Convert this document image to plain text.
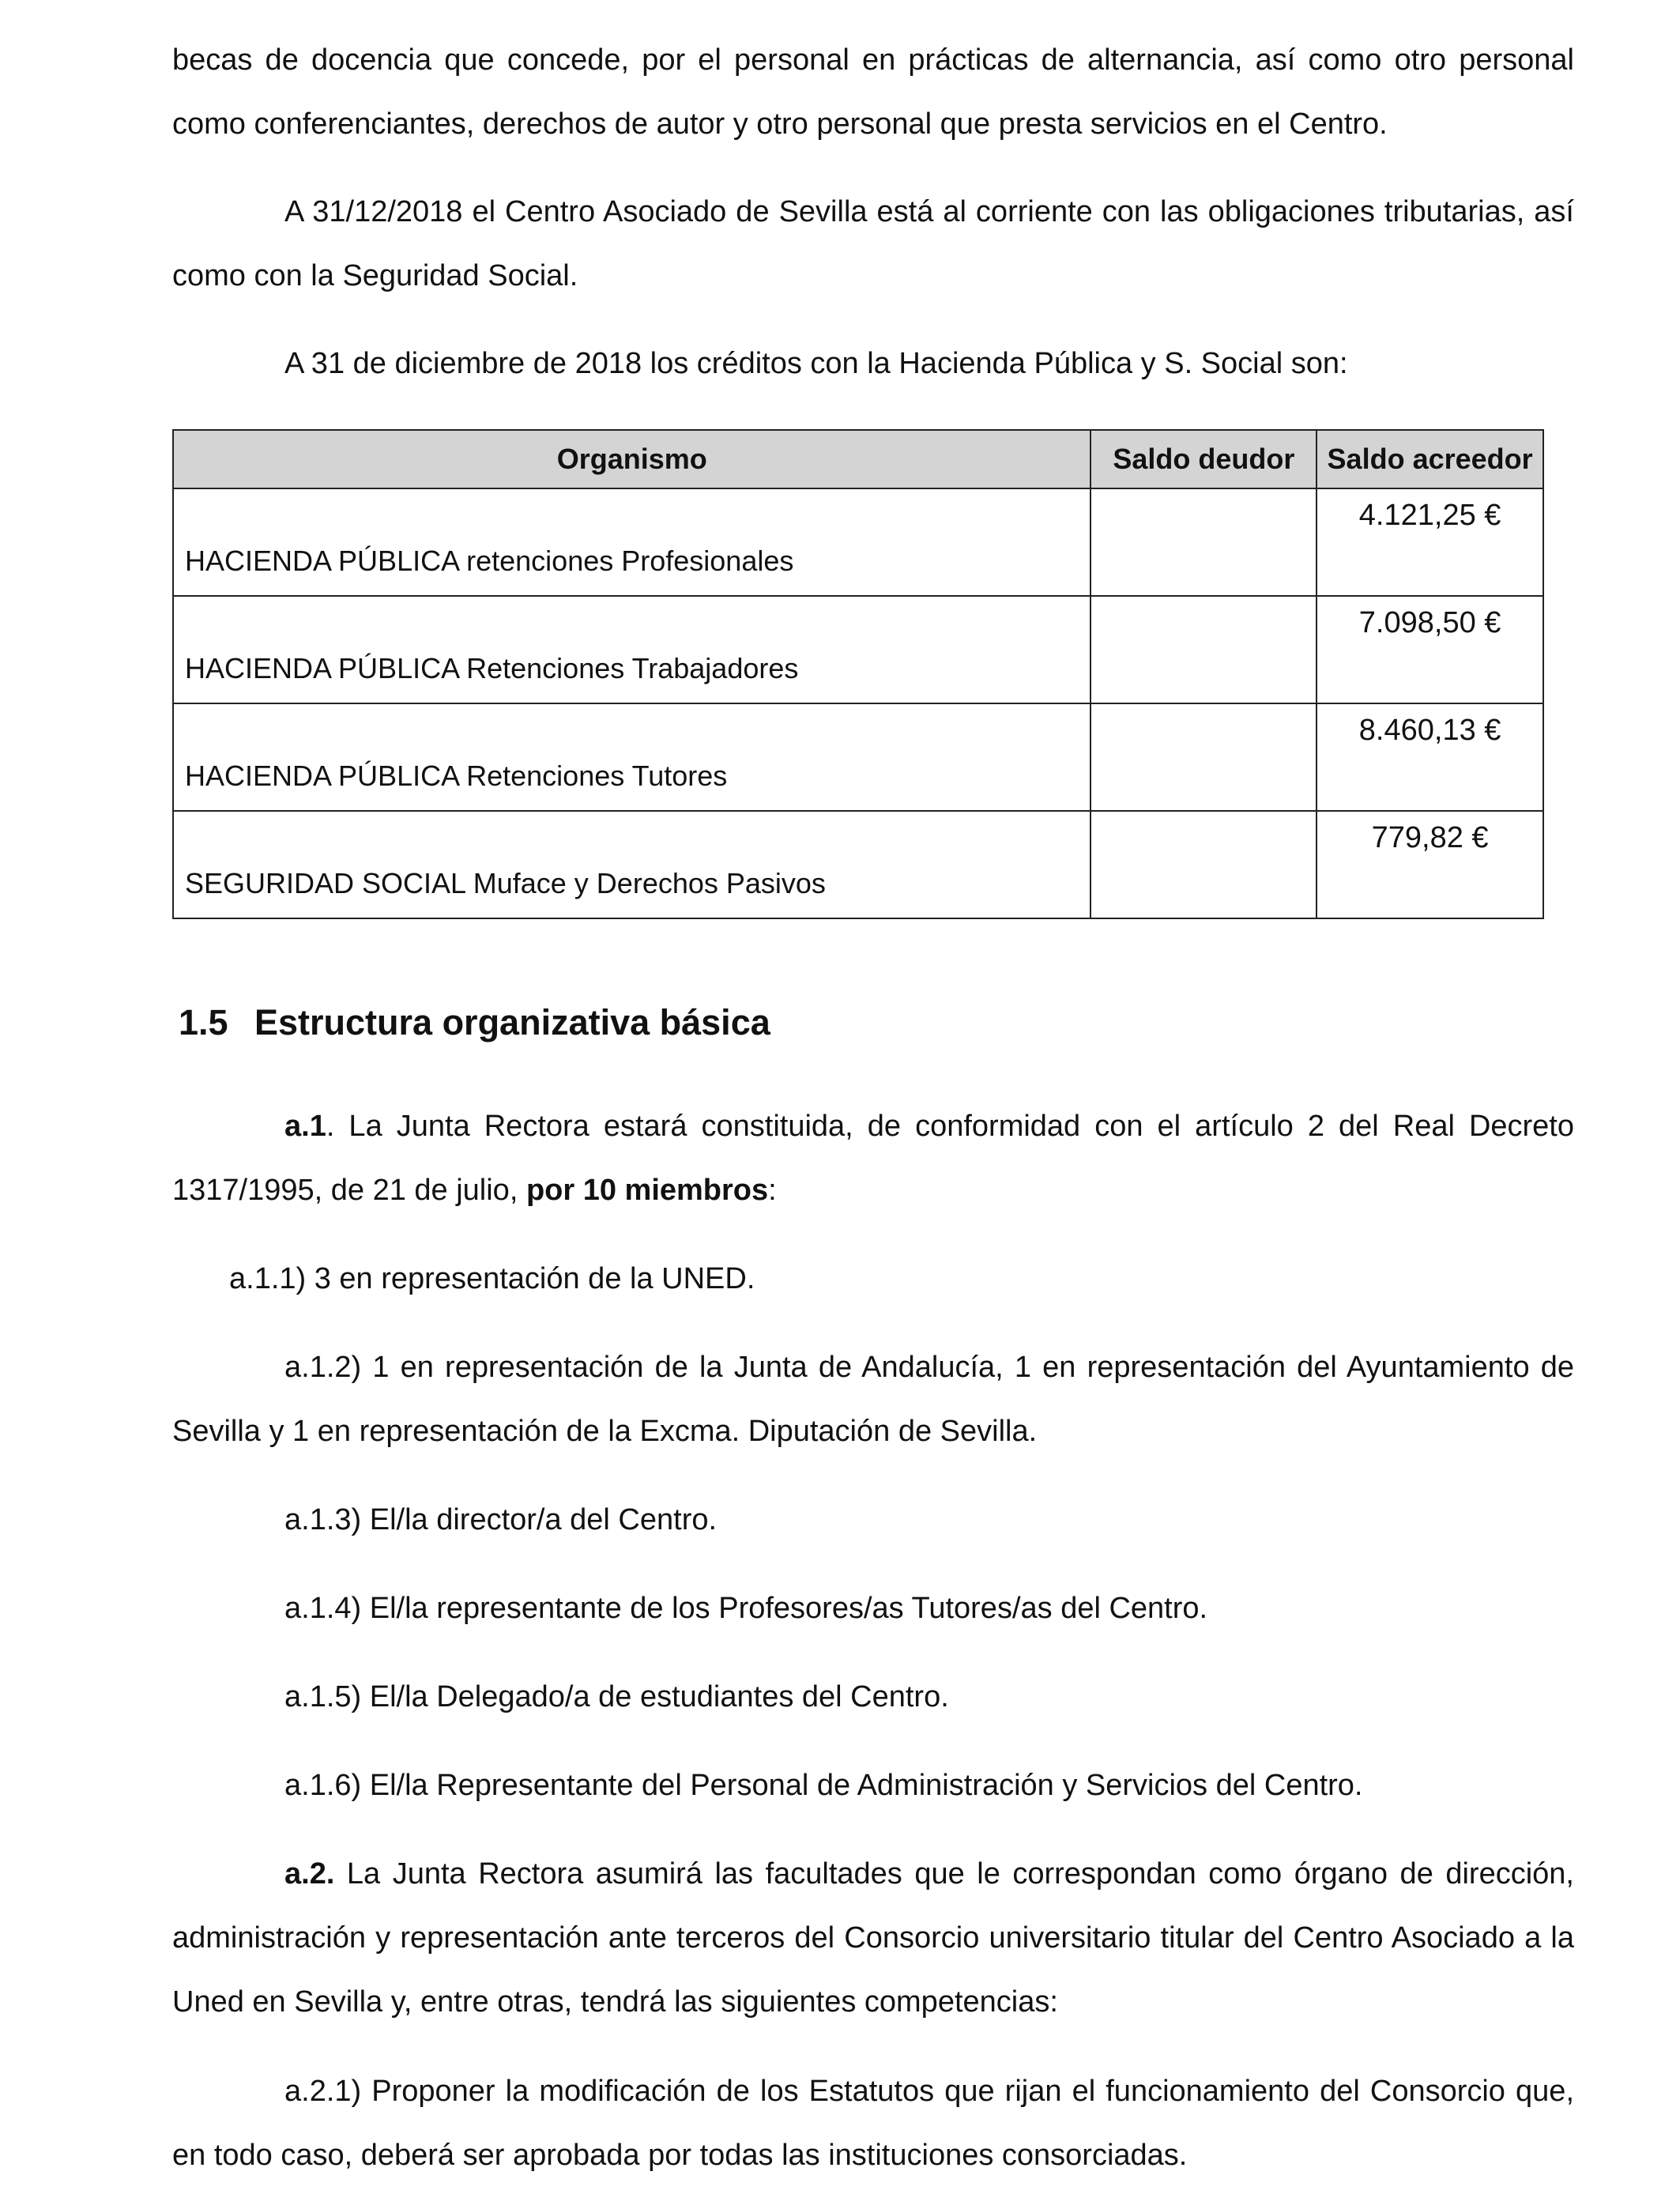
becas de docencia que concede, por el personal en prácticas de alternancia, así como otro personal como conferenciantes, derechos de autor y otro personal que presta servicios en el Centro.

A 31/12/2018 el Centro Asociado de Sevilla está al corriente con las obligaciones tributarias, así como con la Seguridad Social.

A 31 de diciembre de 2018 los créditos con la Hacienda Pública y S. Social son:

Organismo	Saldo deudor	Saldo acreedor
HACIENDA PÚBLICA retenciones Profesionales		4.121,25 €
HACIENDA PÚBLICA Retenciones Trabajadores		7.098,50 €
HACIENDA PÚBLICA Retenciones Tutores		8.460,13 €
SEGURIDAD SOCIAL Muface y Derechos Pasivos		779,82 €
1.5 Estructura organizativa básica

a.1. La Junta Rectora estará constituida, de conformidad con el artículo 2 del Real Decreto 1317/1995, de 21 de julio, por 10 miembros:

a.1.1) 3 en representación de la UNED.

a.1.2) 1 en representación de la Junta de Andalucía, 1 en representación del Ayuntamiento de Sevilla y 1 en representación de la Excma. Diputación de Sevilla.

a.1.3) El/la director/a del Centro.

a.1.4) El/la representante de los Profesores/as Tutores/as del Centro.

a.1.5) El/la Delegado/a de estudiantes del Centro.

a.1.6) El/la Representante del Personal de Administración y Servicios del Centro.

a.2. La Junta Rectora asumirá las facultades que le correspondan como órgano de dirección, administración y representación ante terceros del Consorcio universitario titular del Centro Asociado a la Uned en Sevilla y, entre otras, tendrá las siguientes competencias:

a.2.1) Proponer la modificación de los Estatutos que rijan el funcionamiento del Consorcio que, en todo caso, deberá ser aprobada por todas las instituciones consorciadas.
